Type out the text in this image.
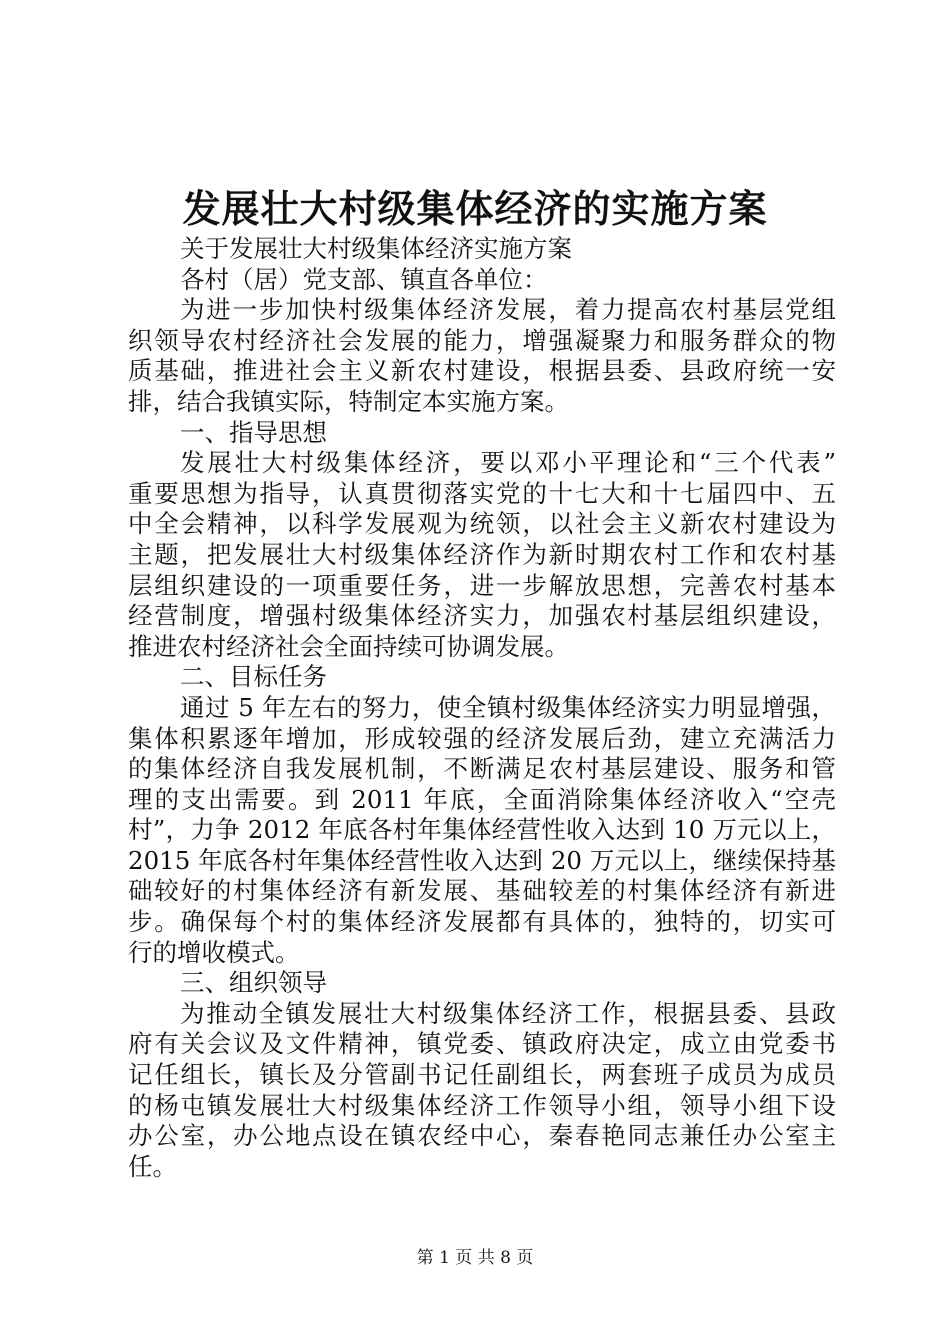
发展壮大村级集体经济的实施方案
关于发展壮大村级集体经济实施方案
各村（居）党支部、镇直各单位：
为进一步加快村级集体经济发展，着力提高农村基层党组
织领导农村经济社会发展的能力，增强凝聚力和服务群众的物
质基础，推进社会主义新农村建设，根据县委、县政府统一安
排，结合我镇实际，特制定本实施方案。
一、指导思想
发展壮大村级集体经济，要以邓小平理论和“三个代表”
重要思想为指导，认真贯彻落实党的十七大和十七届四中、五
中全会精神，以科学发展观为统领，以社会主义新农村建设为
主题，把发展壮大村级集体经济作为新时期农村工作和农村基
层组织建设的一项重要任务，进一步解放思想，完善农村基本
经营制度，增强村级集体经济实力，加强农村基层组织建设，
推进农村经济社会全面持续可协调发展。
二、目标任务
通过 5 年左右的努力，使全镇村级集体经济实力明显增强，
集体积累逐年增加，形成较强的经济发展后劲，建立充满活力
的集体经济自我发展机制，不断满足农村基层建设、服务和管
理的支出需要。到 2011 年底，全面消除集体经济收入“空壳
村”，力争 2012 年底各村年集体经营性收入达到 10 万元以上，
2015 年底各村年集体经营性收入达到 20 万元以上，继续保持基
础较好的村集体经济有新发展、基础较差的村集体经济有新进
步。确保每个村的集体经济发展都有具体的，独特的，切实可
行的增收模式。
三、组织领导
为推动全镇发展壮大村级集体经济工作，根据县委、县政
府有关会议及文件精神，镇党委、镇政府决定，成立由党委书
记任组长，镇长及分管副书记任副组长，两套班子成员为成员
的杨屯镇发展壮大村级集体经济工作领导小组，领导小组下设
办公室，办公地点设在镇农经中心，秦春艳同志兼任办公室主
任。
第 1 页 共 8 页
